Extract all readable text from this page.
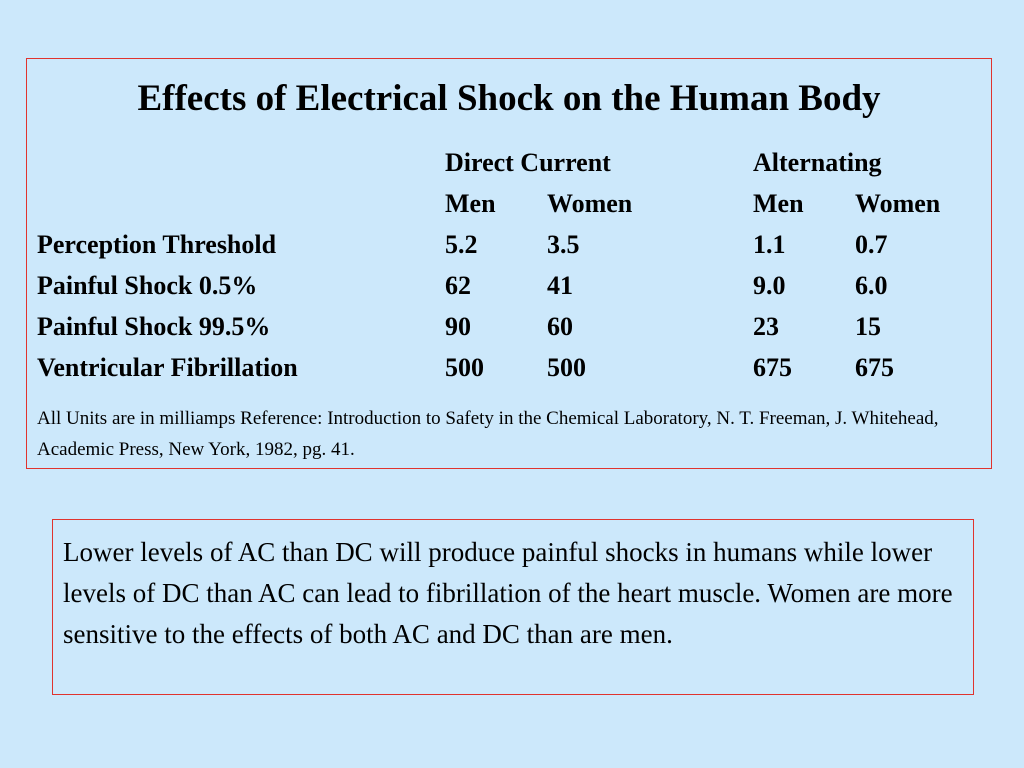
Effects of Electrical Shock on the Human Body
Direct Current	Alternating
Men Women	Men Women
Perception Threshold	5.2	3.5	1.1	0.7
Painful Shock 0.5%	62	41	9.0	6.0
Painful Shock 99.5%	90	60	23	15
Ventricular Fibrillation	500 500	675 675
All Units are in milliamps Reference: Introduction to Safety in the Chemical Laboratory, N. T. Freeman, J. Whitehead, Academic Press, New York, 1982, pg. 41.
Lower levels of AC than DC will produce painful shocks in humans while lower levels of DC than AC can lead to fibrillation of the heart muscle. Women are more sensitive to the effects of both AC and DC than are men.
